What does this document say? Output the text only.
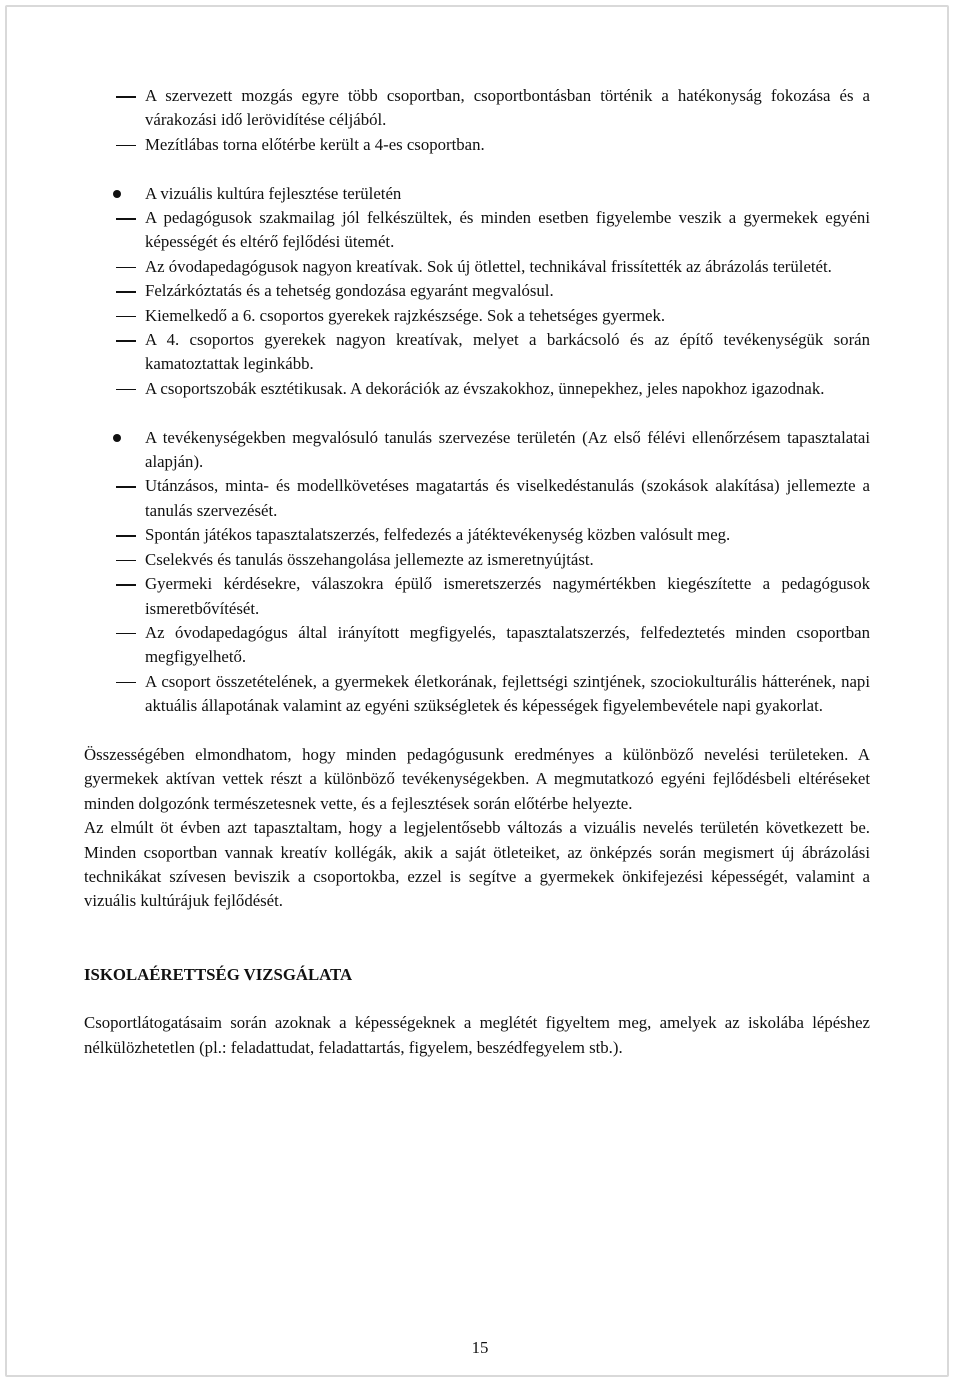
A szervezett mozgás egyre több csoportban, csoportbontásban történik a hatékonyság fokozása és a várakozási idő lerövidítése céljából.
Mezítlábas torna előtérbe került a 4-es csoportban.
A vizuális kultúra fejlesztése területén
A pedagógusok szakmailag jól felkészültek, és minden esetben figyelembe veszik a gyermekek egyéni képességét és eltérő fejlődési ütemét.
Az óvodapedagógusok nagyon kreatívak. Sok új ötlettel, technikával frissítették az ábrázolás területét.
Felzárkóztatás és a tehetség gondozása egyaránt megvalósul.
Kiemelkedő a 6. csoportos gyerekek rajzkészsége. Sok a tehetséges gyermek.
A 4. csoportos gyerekek nagyon kreatívak, melyet a barkácsoló és az építő tevékenységük során kamatoztattak leginkább.
A csoportszobák esztétikusak. A dekorációk az évszakokhoz, ünnepekhez, jeles napokhoz igazodnak.
A tevékenységekben megvalósuló tanulás szervezése területén (Az első félévi ellenőrzésem tapasztalatai alapján).
Utánzásos, minta- és modellkövetéses magatartás és viselkedéstanulás (szokások alakítása) jellemezte a tanulás szervezését.
Spontán játékos tapasztalatszerzés, felfedezés a játéktevékenység közben valósult meg.
Cselekvés és tanulás összehangolása jellemezte az ismeretnyújtást.
Gyermeki kérdésekre, válaszokra épülő ismeretszerzés nagymértékben kiegészítette a pedagógusok ismeretbővítését.
Az óvodapedagógus által irányított megfigyelés, tapasztalatszerzés, felfedeztetés minden csoportban megfigyelhető.
A csoport összetételének, a gyermekek életkorának, fejlettségi szintjének, szociokulturális hátterének, napi aktuális állapotának valamint az egyéni szükségletek és képességek figyelembevétele napi gyakorlat.

Összességében elmondhatom, hogy minden pedagógusunk eredményes a különböző nevelési területeken. A gyermekek aktívan vettek részt a különböző tevékenységekben. A megmutatkozó egyéni fejlődésbeli eltéréseket minden dolgozónk természetesnek vette, és a fejlesztések során előtérbe helyezte.

Az elmúlt öt évben azt tapasztaltam, hogy a legjelentősebb változás a vizuális nevelés területén következett be. Minden csoportban vannak kreatív kollégák, akik a saját ötleteiket, az önképzés során megismert új ábrázolási technikákat szívesen beviszik a csoportokba, ezzel is segítve a gyermekek önkifejezési képességét, valamint a vizuális kultúrájuk fejlődését.

ISKOLAÉRETTSÉG VIZSGÁLATA

Csoportlátogatásaim során azoknak a képességeknek a meglétét figyeltem meg, amelyek az iskolába lépéshez nélkülözhetetlen (pl.: feladattudat, feladattartás, figyelem, beszédfegyelem stb.).

15
